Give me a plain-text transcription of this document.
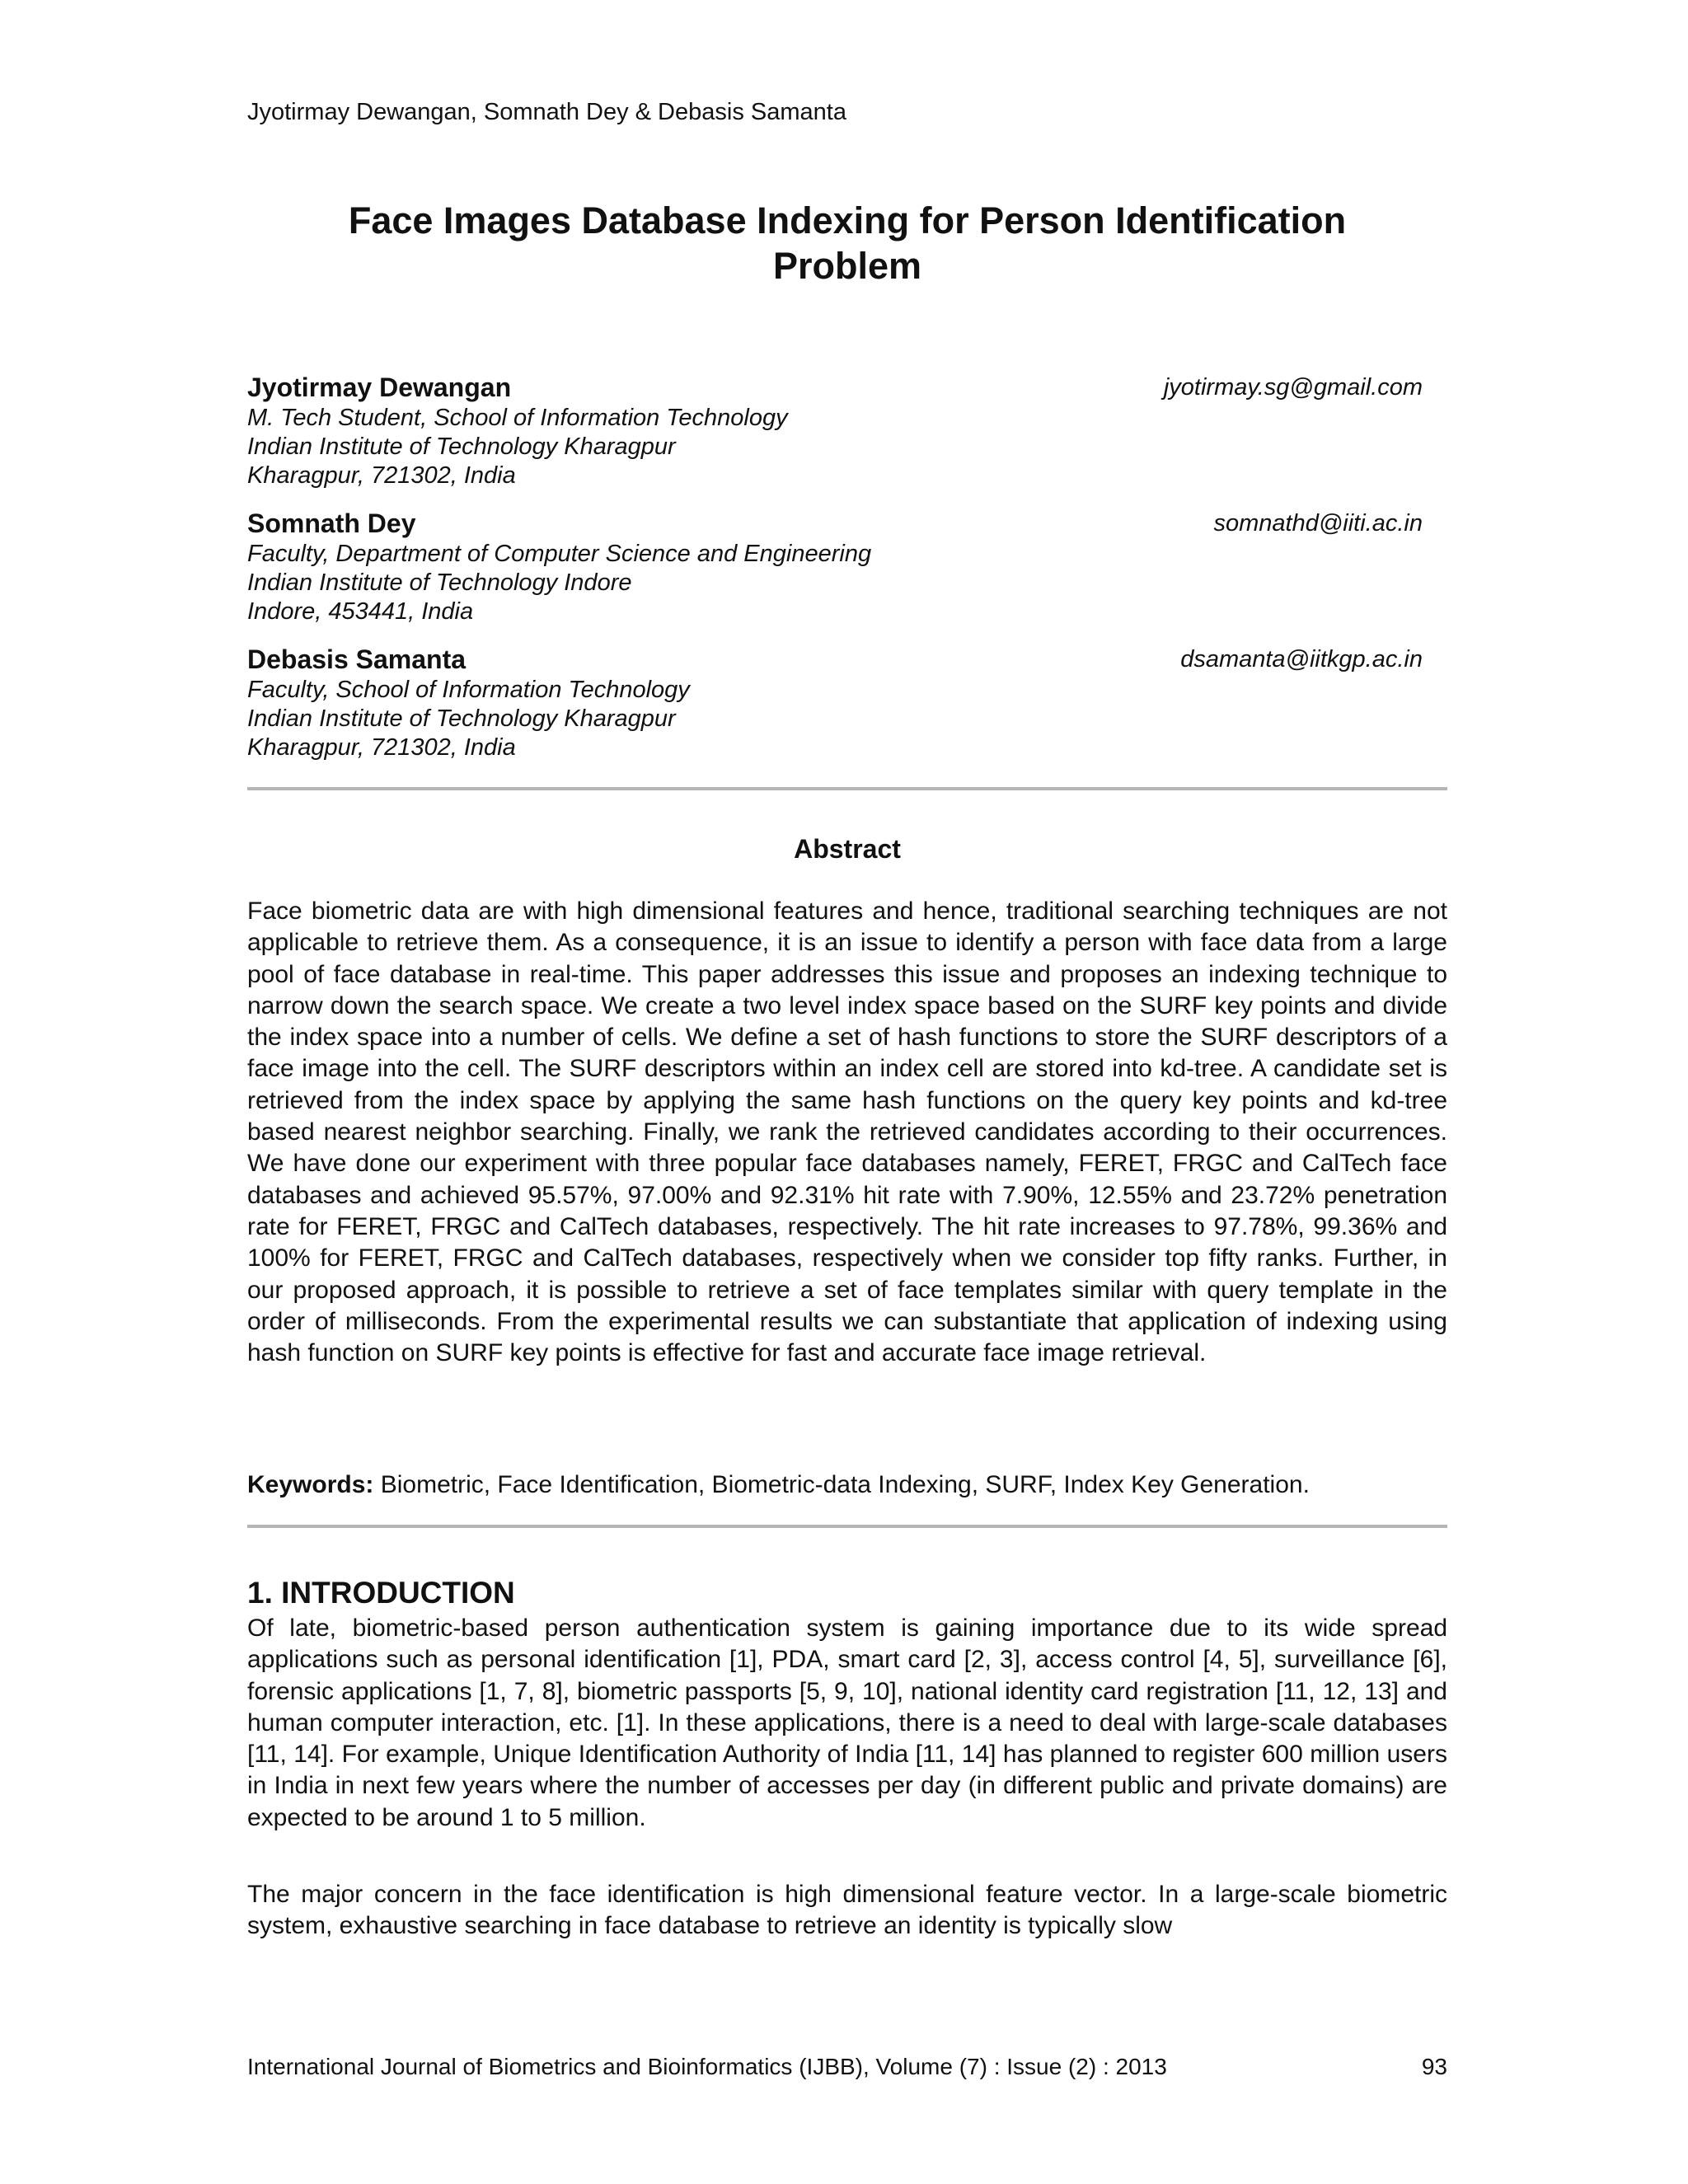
Jyotirmay Dewangan, Somnath Dey & Debasis Samanta
Face Images Database Indexing for Person Identification
Problem
Jyotirmay Dewangan	jyotirmay.sg@gmail.com
M. Tech Student, School of Information Technology
Indian Institute of Technology Kharagpur
Kharagpur, 721302, India
Somnath Dey	somnathd@iiti.ac.in
Faculty, Department of Computer Science and Engineering
Indian Institute of Technology Indore
Indore, 453441, India
Debasis Samanta	dsamanta@iitkgp.ac.in
Faculty, School of Information Technology
Indian Institute of Technology Kharagpur
Kharagpur, 721302, India
Abstract

Face biometric data are with high dimensional features and hence, traditional searching techniques are not applicable to retrieve them. As a consequence, it is an issue to identify a person with face data from a large pool of face database in real-time. This paper addresses this issue and proposes an indexing technique to narrow down the search space. We create a two level index space based on the SURF key points and divide the index space into a number of cells. We define a set of hash functions to store the SURF descriptors of a face image into the cell. The SURF descriptors within an index cell are stored into kd-tree. A candidate set is retrieved from the index space by applying the same hash functions on the query key points and kd-tree based nearest neighbor searching. Finally, we rank the retrieved candidates according to their occurrences. We have done our experiment with three popular face databases namely, FERET, FRGC and CalTech face databases and achieved 95.57%, 97.00% and 92.31% hit rate with 7.90%, 12.55% and 23.72% penetration rate for FERET, FRGC and CalTech databases, respectively. The hit rate increases to 97.78%, 99.36% and 100% for FERET, FRGC and CalTech databases, respectively when we consider top fifty ranks. Further, in our proposed approach, it is possible to retrieve a set of face templates similar with query template in the order of milliseconds. From the experimental results we can substantiate that application of indexing using hash function on SURF key points is effective for fast and accurate face image retrieval.

Keywords: Biometric, Face Identification, Biometric-data Indexing, SURF, Index Key Generation.
1. INTRODUCTION

Of late, biometric-based person authentication system is gaining importance due to its wide spread applications such as personal identification [1], PDA, smart card [2, 3], access control [4, 5], surveillance [6], forensic applications [1, 7, 8], biometric passports [5, 9, 10], national identity card registration [11, 12, 13] and human computer interaction, etc. [1]. In these applications, there is a need to deal with large-scale databases [11, 14]. For example, Unique Identification Authority of India [11, 14] has planned to register 600 million users in India in next few years where the number of accesses per day (in different public and private domains) are expected to be around 1 to 5 million.

The major concern in the face identification is high dimensional feature vector. In a large-scale biometric system, exhaustive searching in face database to retrieve an identity is typically slow

International Journal of Biometrics and Bioinformatics (IJBB), Volume (7) : Issue (2) : 2013	93
